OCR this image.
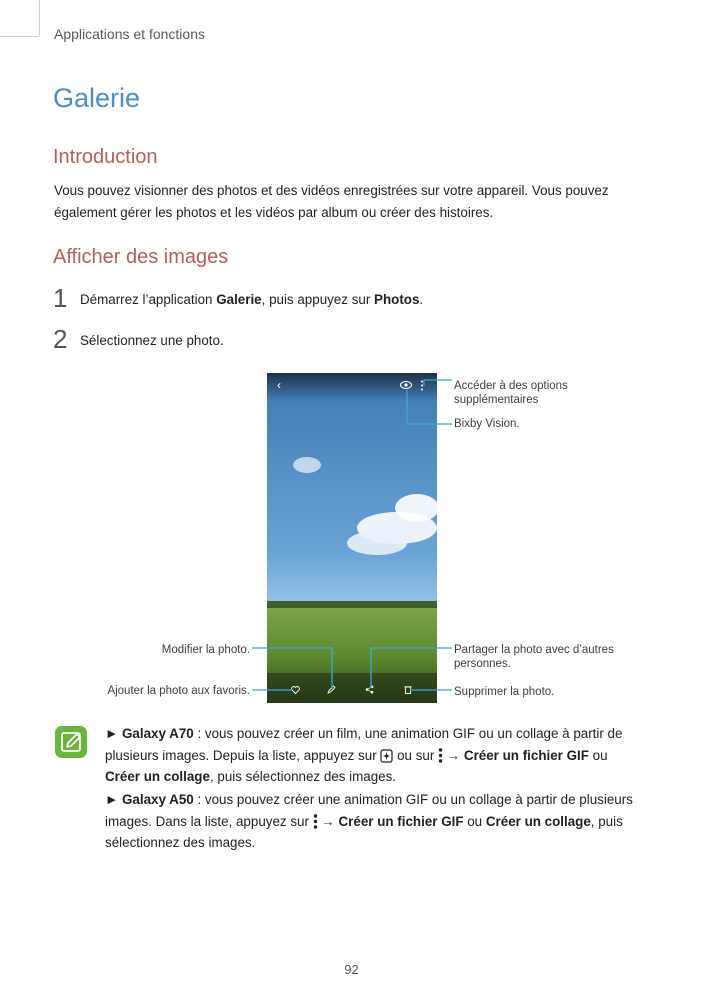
Applications et fonctions
Galerie
Introduction
Vous pouvez visionner des photos et des vidéos enregistrées sur votre appareil. Vous pouvez également gérer les photos et les vidéos par album ou créer des histoires.
Afficher des images
1 Démarrez l’application Galerie, puis appuyez sur Photos.
2 Sélectionnez une photo.
‹	Accéder à des options supplémentaires
Bixby Vision.
Modifier la photo.	Partager la photo avec d’autres personnes.
Ajouter la photo aux favoris.	Supprimer la photo.
► Galaxy A70 : vous pouvez créer un film, une animation GIF ou un collage à partir de plusieurs images. Depuis la liste, appuyez sur  ou sur  → Créer un fichier GIF ou Créer un collage, puis sélectionnez des images.
► Galaxy A50 : vous pouvez créer une animation GIF ou un collage à partir de plusieurs images. Dans la liste, appuyez sur  → Créer un fichier GIF ou Créer un collage, puis sélectionnez des images.
92
